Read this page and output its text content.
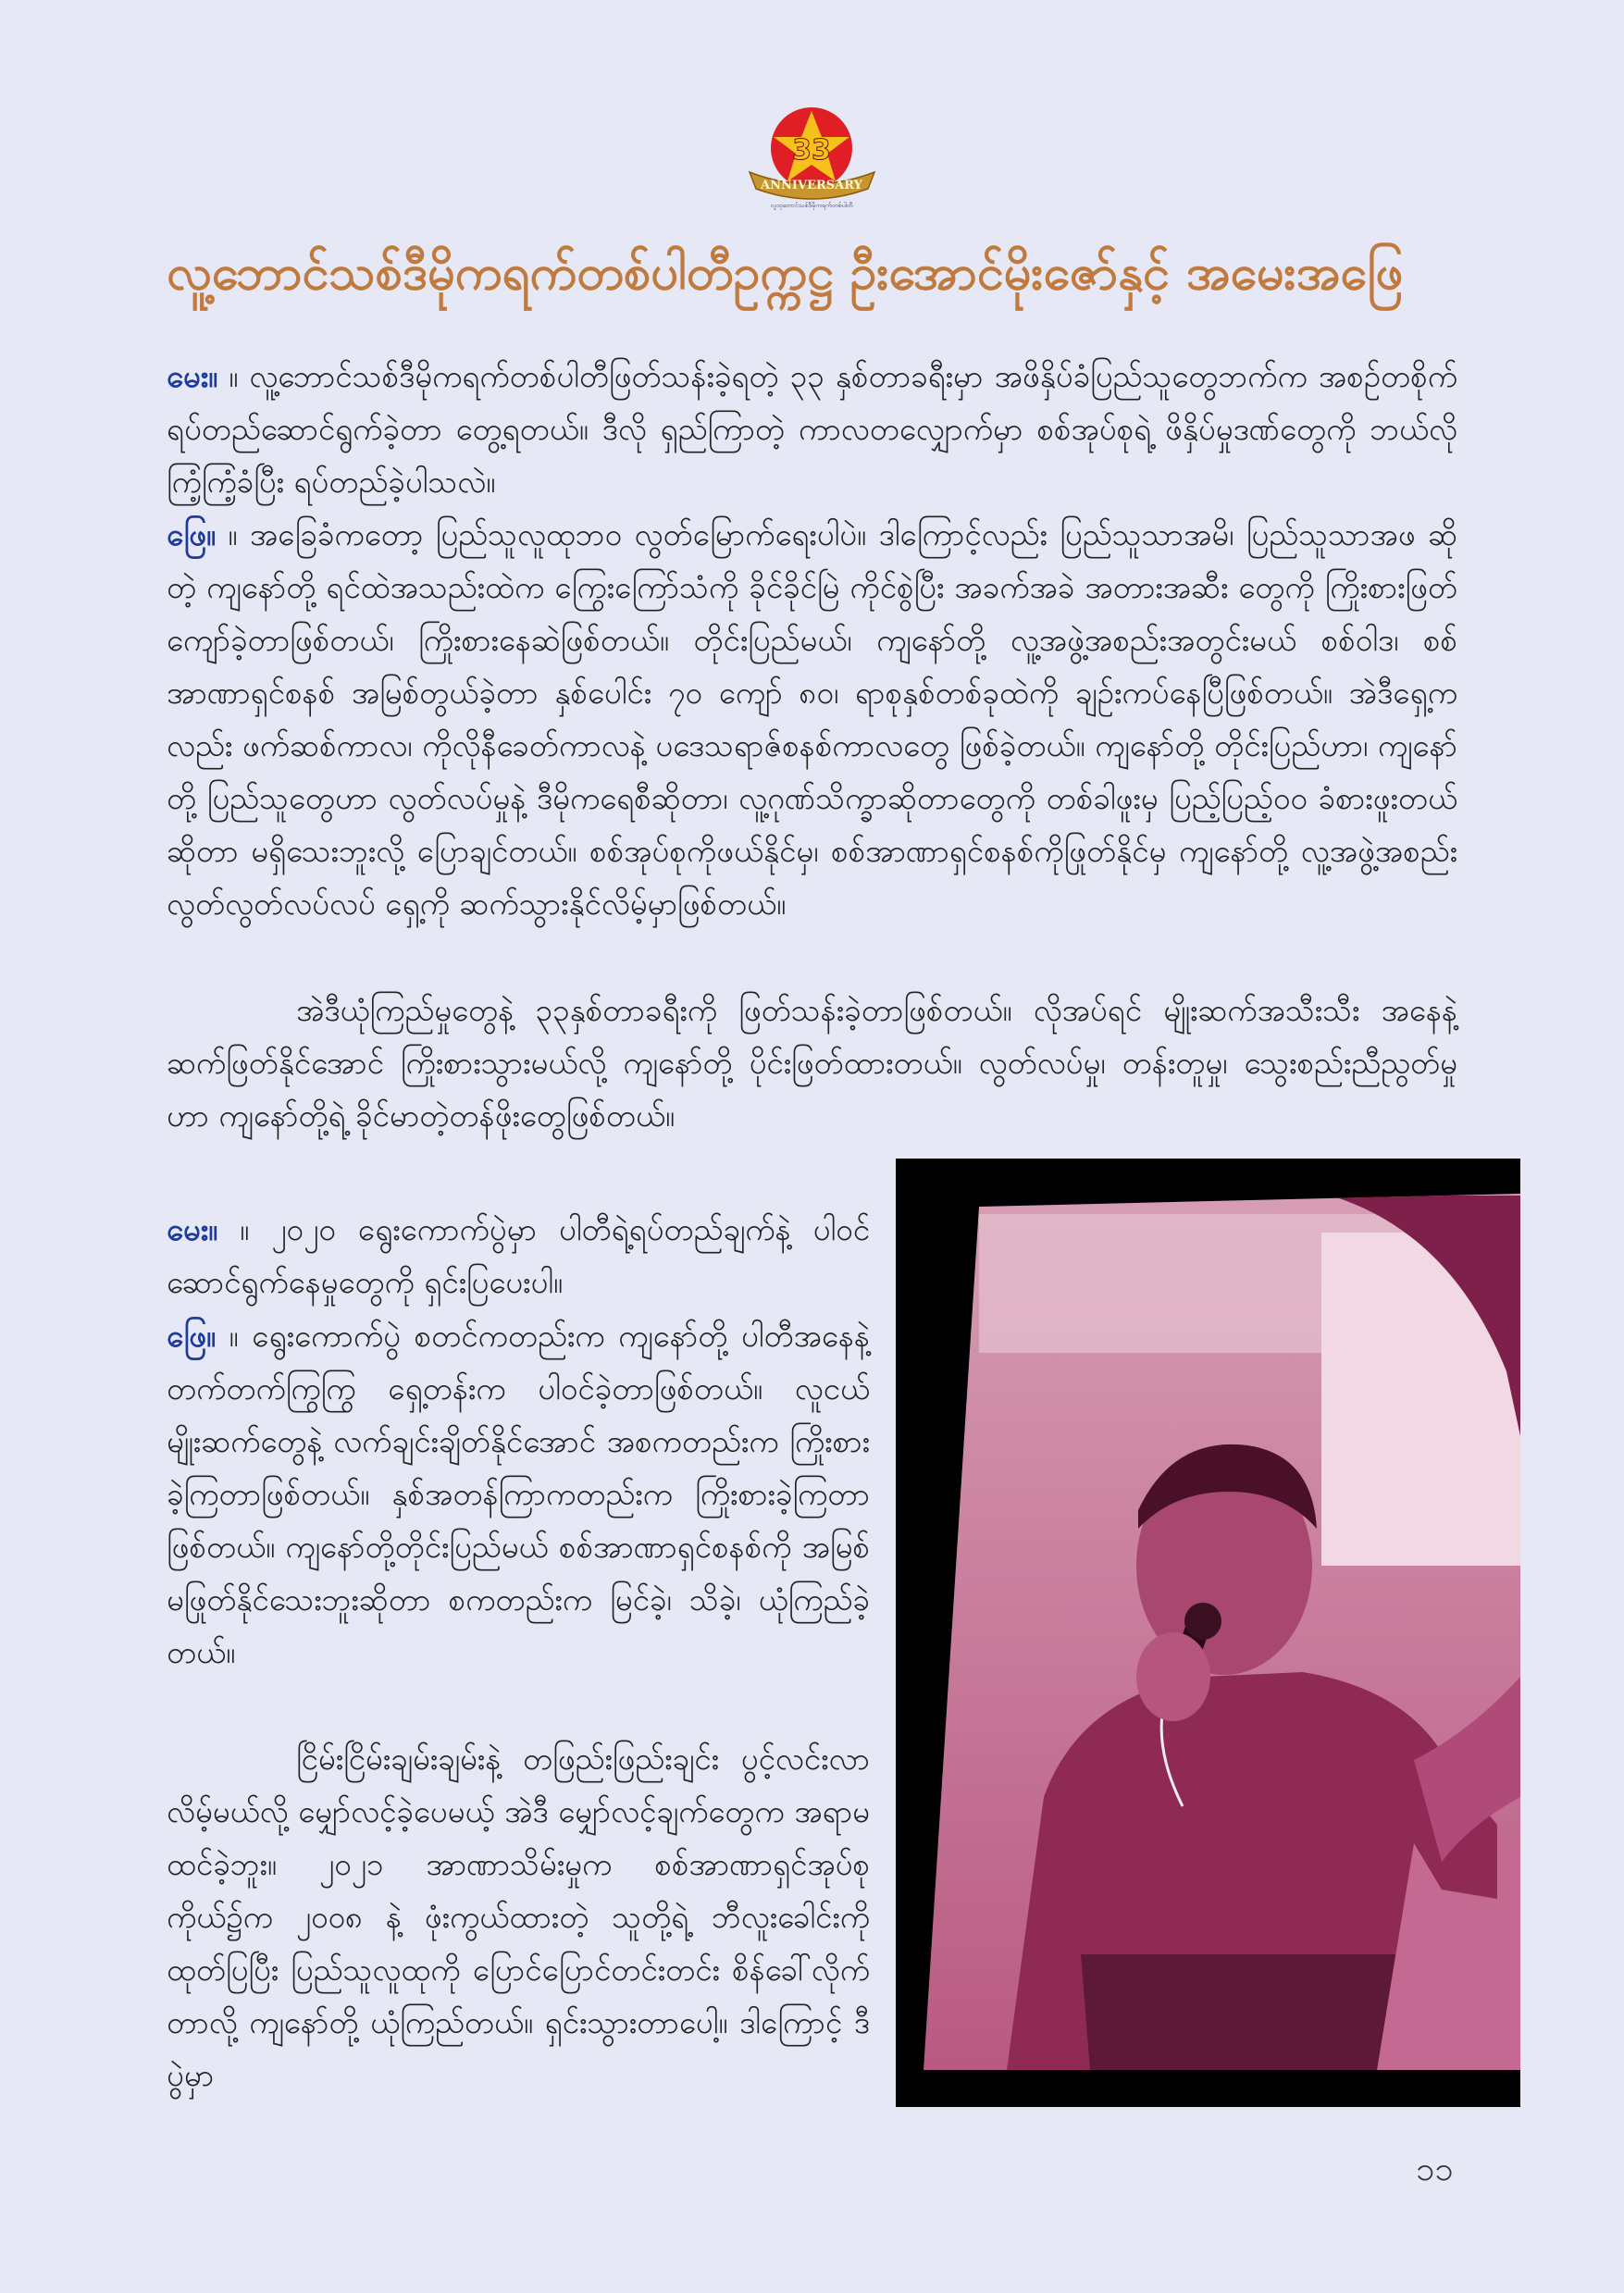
33
ANNIVERSARY
လူထုဘောင်သစ်ဒီမိုကရက်တစ်ပါတီ
လူ့ဘောင်သစ်ဒီမိုကရက်တစ်ပါတီဥက္ကဋ္ဌ ဦးအောင်မိုးဇော်နှင့် အမေးအဖြေ
မေး။ ။ လူ့ဘောင်သစ်ဒီမိုကရက်တစ်ပါတီဖြတ်သန်းခဲ့ရတဲ့ ၃၃ နှစ်တာခရီးမှာ အဖိနှိပ်ခံပြည်သူတွေဘက်က အစဉ်တစိုက် ရပ်တည်ဆောင်ရွက်ခဲ့တာ တွေ့ရတယ်။ ဒီလို ရှည်ကြာတဲ့ ကာလတလျှောက်မှာ စစ်အုပ်စုရဲ့ ဖိနှိပ်မှုဒဏ်တွေကို ဘယ်လိုကြံ့ကြံ့ခံပြီး ရပ်တည်ခဲ့ပါသလဲ။
ဖြေ။ ။ အခြေခံကတော့ ပြည်သူလူထုဘဝ လွတ်မြောက်ရေးပါပဲ။ ဒါကြောင့်လည်း ပြည်သူသာအမိ၊ ပြည်သူသာအဖ ဆိုတဲ့ ကျနော်တို့ ရင်ထဲအသည်းထဲက ကြွေးကြော်သံကို ခိုင်ခိုင်မြဲ ကိုင်စွဲပြီး အခက်အခဲ အတားအဆီး တွေကို ကြိုးစားဖြတ်ကျော်ခဲ့တာဖြစ်တယ်၊ ကြိုးစားနေဆဲဖြစ်တယ်။ တိုင်းပြည်မယ်၊ ကျနော်တို့ လူ့အဖွဲ့အစည်းအတွင်းမယ် စစ်ဝါဒ၊ စစ်အာဏာရှင်စနစ် အမြစ်တွယ်ခဲ့တာ နှစ်ပေါင်း ၇၀ ကျော် ၈၀၊ ရာစုနှစ်တစ်ခုထဲကို ချဉ်းကပ်နေပြီဖြစ်တယ်။ အဲဒီရှေ့ကလည်း ဖက်ဆစ်ကာလ၊ ကိုလိုနီခေတ်ကာလနဲ့ ပဒေသရာဇ်စနစ်ကာလတွေ ဖြစ်ခဲ့တယ်။ ကျနော်တို့ တိုင်းပြည်ဟာ၊ ကျနော်တို့ ပြည်သူတွေဟာ လွတ်လပ်မှုနဲ့ ဒီမိုကရေစီဆိုတာ၊ လူ့ဂုဏ်သိက္ခာဆိုတာတွေကို တစ်ခါဖူးမှ ပြည့်ပြည့်ဝဝ ခံစားဖူးတယ်ဆိုတာ မရှိသေးဘူးလို့ ပြောချင်တယ်။ စစ်အုပ်စုကိုဖယ်နိုင်မှ၊ စစ်အာဏာရှင်စနစ်ကိုဖြုတ်နိုင်မှ ကျနော်တို့ လူ့အဖွဲ့အစည်း လွတ်လွတ်လပ်လပ် ရှေ့ကို ဆက်သွားနိုင်လိမ့်မှာဖြစ်တယ်။
အဲဒီယုံကြည်မှုတွေနဲ့ ၃၃နှစ်တာခရီးကို ဖြတ်သန်းခဲ့တာဖြစ်တယ်။ လိုအပ်ရင် မျိုးဆက်အသီးသီး အနေနဲ့ ဆက်ဖြတ်နိုင်အောင် ကြိုးစားသွားမယ်လို့ ကျနော်တို့ ပိုင်းဖြတ်ထားတယ်။ လွတ်လပ်မှု၊ တန်းတူမှု၊ သွေးစည်းညီညွတ်မှုဟာ ကျနော်တို့ရဲ့ ခိုင်မာတဲ့တန်ဖိုးတွေဖြစ်တယ်။
မေး။ ။ ၂၀၂၀ ရွေးကောက်ပွဲမှာ ပါတီရဲ့ရပ်တည်ချက်နဲ့ ပါဝင်ဆောင်ရွက်နေမှုတွေကို ရှင်းပြပေးပါ။
ဖြေ။ ။ ရွေးကောက်ပွဲ စတင်ကတည်းက ကျနော်တို့ ပါတီအနေနဲ့ တက်တက်ကြွကြွ ရှေ့တန်းက ပါဝင်ခဲ့တာဖြစ်တယ်။ လူငယ်မျိုးဆက်တွေနဲ့ လက်ချင်းချိတ်နိုင်အောင် အစကတည်းက ကြိုးစားခဲ့ကြတာဖြစ်တယ်။ နှစ်အတန်ကြာကတည်းက ကြိုးစားခဲ့ကြတာ ဖြစ်တယ်။ ကျနော်တို့တိုင်းပြည်မယ် စစ်အာဏာရှင်စနစ်ကို အမြစ်မဖြုတ်နိုင်သေးဘူးဆိုတာ စကတည်းက မြင်ခဲ့၊ သိခဲ့၊ ယုံကြည်ခဲ့တယ်။
ငြိမ်းငြိမ်းချမ်းချမ်းနဲ့ တဖြည်းဖြည်းချင်း ပွင့်လင်းလာလိမ့်မယ်လို့ မျှော်လင့်ခဲ့ပေမယ့် အဲဒီ မျှော်လင့်ချက်တွေက အရာမထင်ခဲ့ဘူး။ ၂၀၂၁ အာဏာသိမ်းမှုက စစ်အာဏာရှင်အုပ်စု ကိုယ်၌က ၂၀၀၈ နဲ့ ဖုံးကွယ်ထားတဲ့ သူတို့ရဲ့ ဘီလူးခေါင်းကို ထုတ်ပြပြီး ပြည်သူလူထုကို ပြောင်ပြောင်တင်းတင်း စိန်ခေါ်လိုက်တာလို့ ကျနော်တို့ ယုံကြည်တယ်။ ရှင်းသွားတာပေါ့။ ဒါကြောင့် ဒီပွဲမှာ
၁၁
